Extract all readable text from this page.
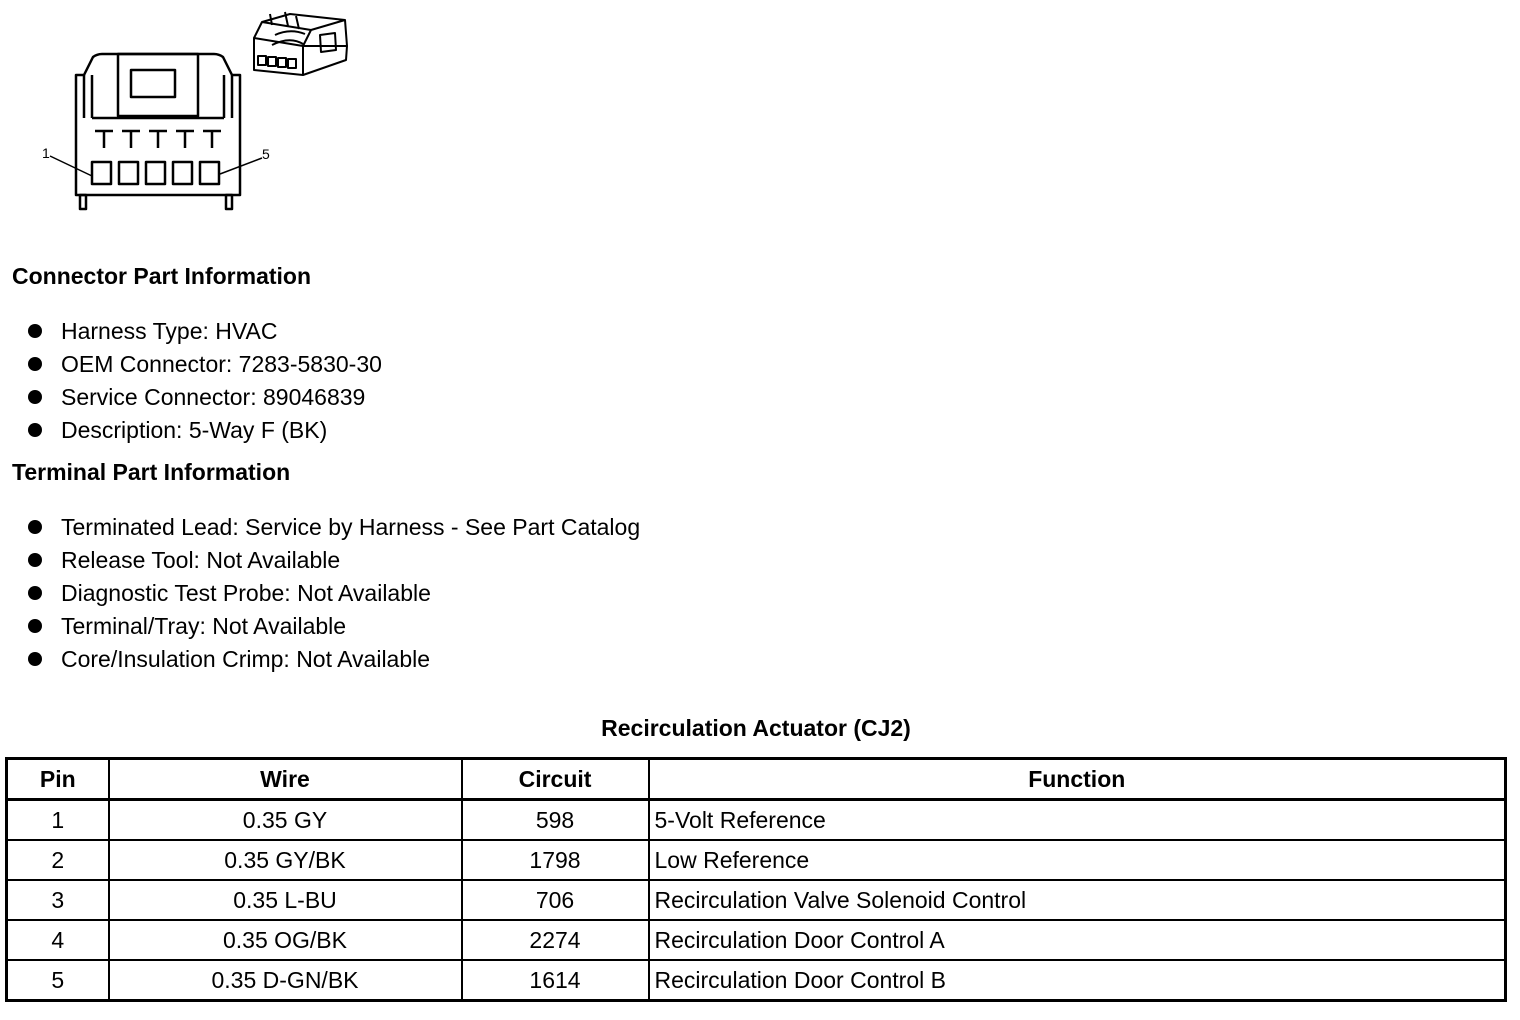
1	5
Connector Part Information
Harness Type: HVAC
OEM Connector: 7283-5830-30
Service Connector: 89046839
Description: 5-Way F (BK)
Terminal Part Information
Terminated Lead: Service by Harness - See Part Catalog
Release Tool: Not Available
Diagnostic Test Probe: Not Available
Terminal/Tray: Not Available
Core/Insulation Crimp: Not Available
Recirculation Actuator (CJ2)
Pin	Wire	Circuit	Function
1	0.35 GY	598	5-Volt Reference
2	0.35 GY/BK	1798	Low Reference
3	0.35 L-BU	706	Recirculation Valve Solenoid Control
4	0.35 OG/BK	2274	Recirculation Door Control A
5	0.35 D-GN/BK	1614	Recirculation Door Control B
